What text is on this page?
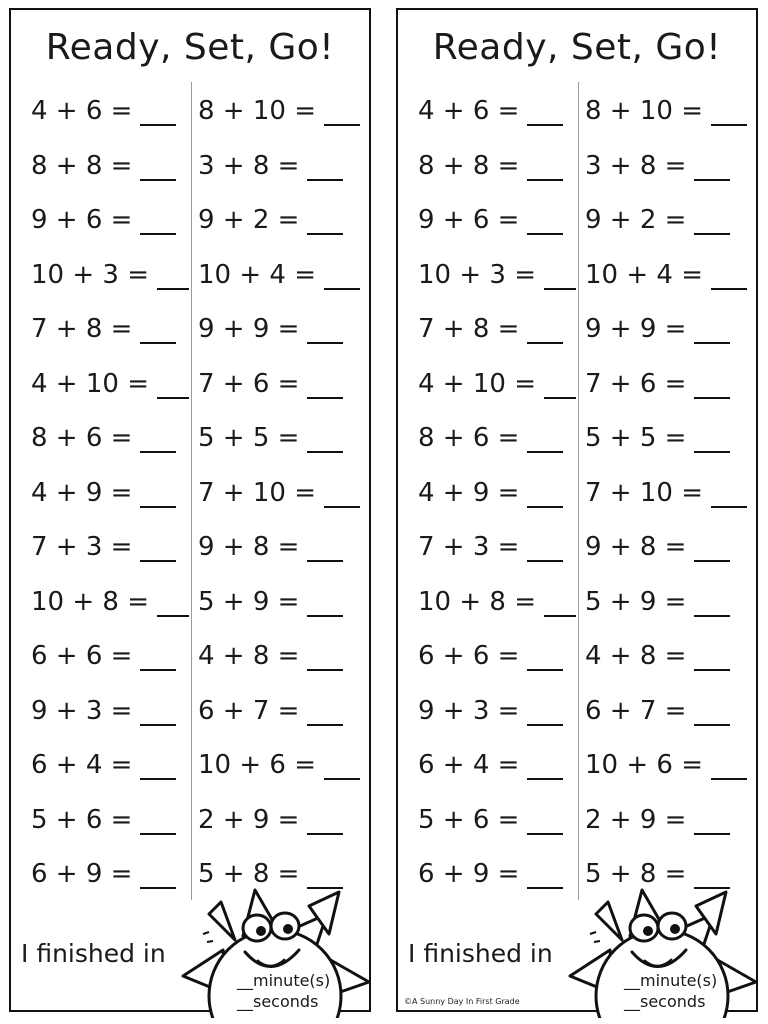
Ready, Set, Go!
4 + 6 =
8 + 8 =
9 + 6 =
10 + 3 =
7 + 8 =
4 + 10 =
8 + 6 =
4 + 9 =
7 + 3 =
10 + 8 =
6 + 6 =
9 + 3 =
6 + 4 =
5 + 6 =
6 + 9 =
8 + 10 =
3 + 8 =
9 + 2 =
10 + 4 =
9 + 9 =
7 + 6 =
5 + 5 =
7 + 10 =
9 + 8 =
5 + 9 =
4 + 8 =
6 + 7 =
10 + 6 =
2 + 9 =
5 + 8 =
I finished in
__minute(s)
__seconds
Ready, Set, Go!
4 + 6 =
8 + 8 =
9 + 6 =
10 + 3 =
7 + 8 =
4 + 10 =
8 + 6 =
4 + 9 =
7 + 3 =
10 + 8 =
6 + 6 =
9 + 3 =
6 + 4 =
5 + 6 =
6 + 9 =
8 + 10 =
3 + 8 =
9 + 2 =
10 + 4 =
9 + 9 =
7 + 6 =
5 + 5 =
7 + 10 =
9 + 8 =
5 + 9 =
4 + 8 =
6 + 7 =
10 + 6 =
2 + 9 =
5 + 8 =
I finished in
__minute(s)
__seconds
©A Sunny Day In First Grade
